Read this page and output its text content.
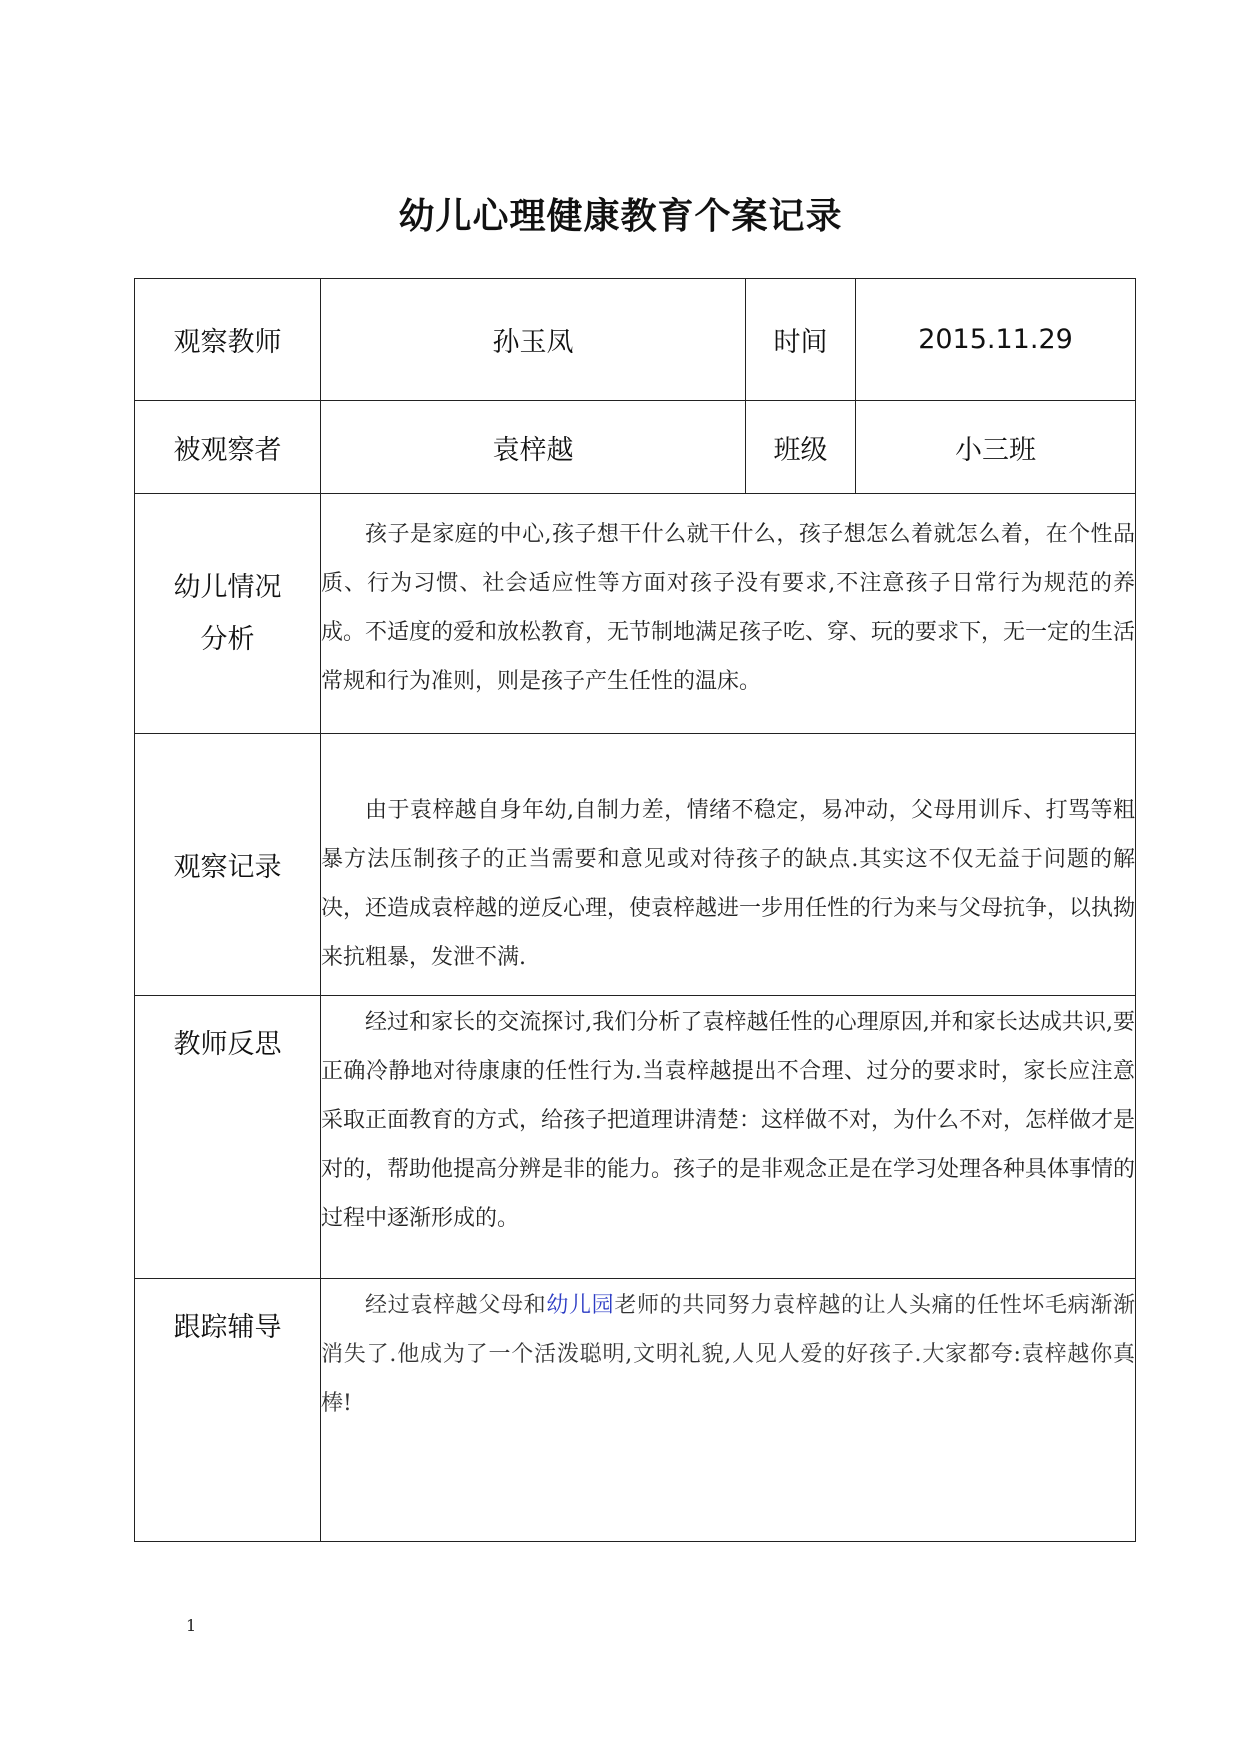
幼儿心理健康教育个案记录
观察教师	孙玉凤	时间	2015.11.29
被观察者	袁梓越	班级	小三班

幼儿情况
分析	孩子是家庭的中心,孩子想干什么就干什么，孩子想怎么着就怎么着，在个性品质、行为习惯、社会适应性等方面对孩子没有要求,不注意孩子日常行为规范的养成。不适度的爱和放松教育，无节制地满足孩子吃、穿、玩的要求下，无一定的生活常规和行为准则，则是孩子产生任性的温床。		
观察记录	由于袁梓越自身年幼,自制力差，情绪不稳定，易冲动，父母用训斥、打骂等粗暴方法压制孩子的正当需要和意见或对待孩子的缺点.其实这不仅无益于问题的解决，还造成袁梓越的逆反心理，使袁梓越进一步用任性的行为来与父母抗争，以执拗来抗粗暴，发泄不满.		
教师反思	经过和家长的交流探讨,我们分析了袁梓越任性的心理原因,并和家长达成共识,要正确冷静地对待康康的任性行为.当袁梓越提出不合理、过分的要求时，家长应注意采取正面教育的方式，给孩子把道理讲清楚：这样做不对，为什么不对，怎样做才是对的，帮助他提高分辨是非的能力。孩子的是非观念正是在学习处理各种具体事情的过程中逐渐形成的。		
跟踪辅导	经过袁梓越父母和幼儿园老师的共同努力袁梓越的让人头痛的任性坏毛病渐渐消失了.他成为了一个活泼聪明,文明礼貌,人见人爱的好孩子.大家都夸:袁梓越你真棒!		
1
